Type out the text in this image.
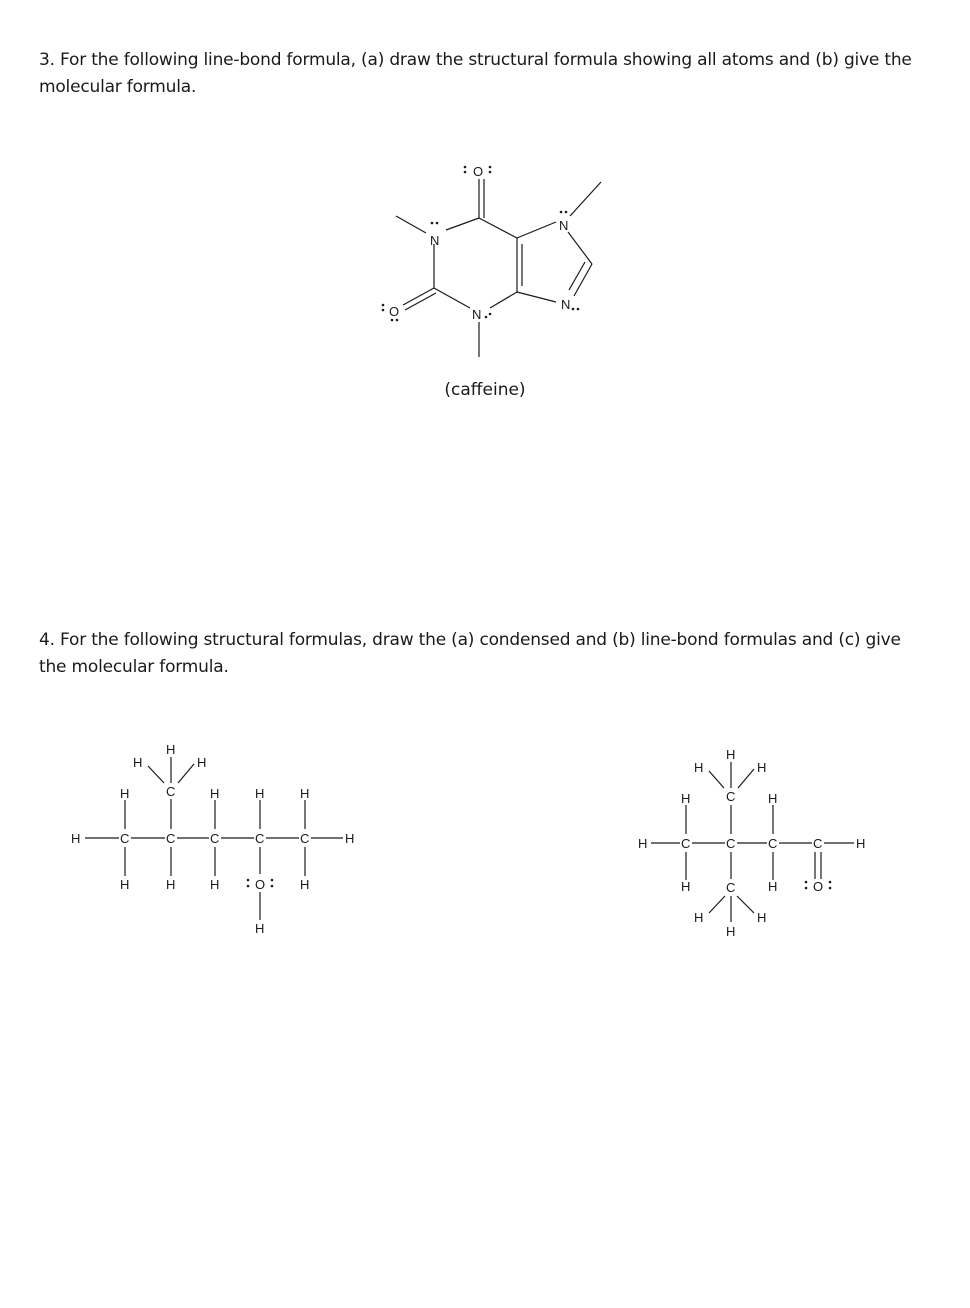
3. For the following line-bond formula, (a) draw the structural formula showing all atoms and (b) give the molecular formula.

O
N
N
N
N
O
(caffeine)

4. For the following structural formulas, draw the (a) condensed and (b) line-bond formulas and (c) give the molecular formula.

H	C	C	C	C	C	H
C
H
H	H
H	H	H	H
H	H	H	O	H
H
H	C	C	C	C	H
C
H
H	H
H	H
H	C	H	O
H	H
H
